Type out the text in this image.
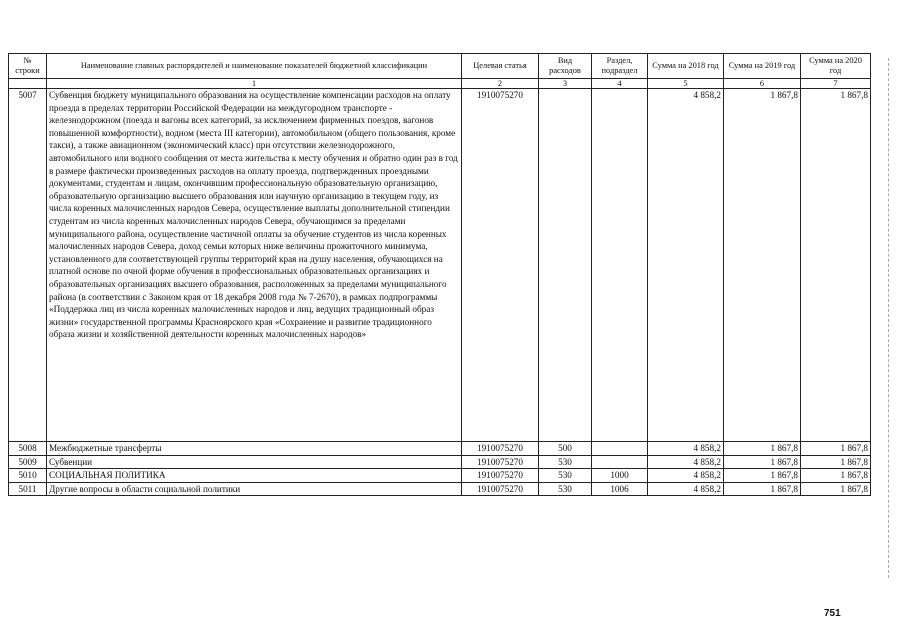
№ строки	Наименование главных распорядителей и наименование показателей бюджетной классификации	Целевая статья	Вид расходов	Раздел, подраздел	Сумма на 2018 год	Сумма на 2019 год	Сумма на 2020 год
	1	2	3	4	5	6	7
5007	Субвенция бюджету муниципального образования на осуществление компенсации расходов на оплату проезда в пределах территории Российской Федерации на междугородном транспорте - железнодорожном (поезда и вагоны всех категорий, за исключением фирменных поездов, вагонов повышенной комфортности), водном (места III категории), автомобильном (общего пользования, кроме такси), а также авиационном (экономический класс) при отсутствии железнодорожного, автомобильного или водного сообщения от места жительства к месту обучения и обратно один раз в год в размере фактически произведенных расходов на оплату проезда, подтвержденных проездными документами, студентам и лицам, окончившим профессиональную образовательную организацию, образовательную организацию высшего образования или научную организацию в текущем году, из числа коренных малочисленных народов Севера, осуществление выплаты дополнительной стипендии студентам из числа коренных малочисленных народов Севера, обучающимся за пределами муниципального района, осуществление частичной оплаты за обучение студентов из числа коренных малочисленных народов Севера, доход семьи которых ниже величины прожиточного минимума, установленного для соответствующей группы территорий края на душу населения, обучающихся на платной основе по очной форме обучения в профессиональных образовательных организациях и образовательных организациях высшего образования, расположенных за пределами муниципального района (в соответствии с Законом края от 18 декабря 2008 года № 7-2670), в рамках подпрограммы «Поддержка лиц из числа коренных малочисленных народов и лиц, ведущих традиционный образ жизни» государственной программы Красноярского края «Сохранение и развитие традиционного образа жизни и хозяйственной деятельности коренных малочисленных народов»	1910075270			4 858,2	1 867,8	1 867,8
5008	Межбюджетные трансферты	1910075270	500		4 858,2	1 867,8	1 867,8
5009	Субвенции	1910075270	530		4 858,2	1 867,8	1 867,8
5010	СОЦИАЛЬНАЯ ПОЛИТИКА	1910075270	530	1000	4 858,2	1 867,8	1 867,8
5011	Другие вопросы в области социальной политики	1910075270	530	1006	4 858,2	1 867,8	1 867,8
751
